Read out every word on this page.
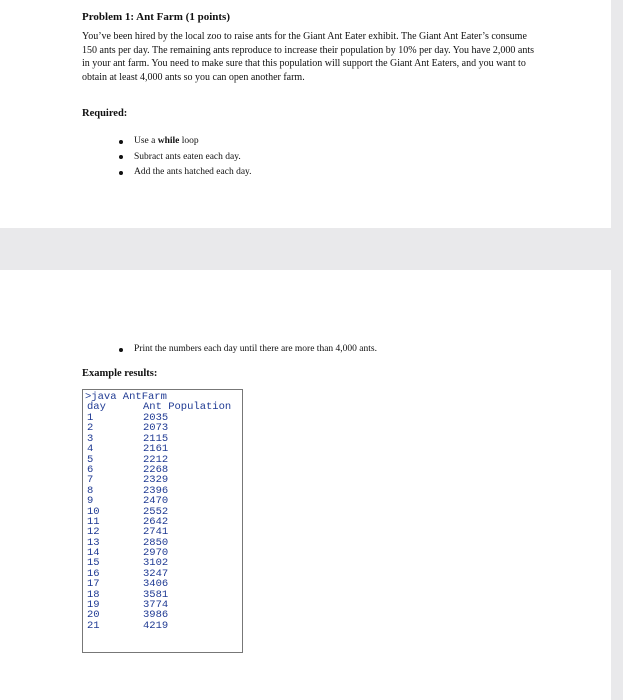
Problem 1: Ant Farm (1 points)
You’ve been hired by the local zoo to raise ants for the Giant Ant Eater exhibit. The Giant Ant Eater’s consume 150 ants per day. The remaining ants reproduce to increase their population by 10% per day. You have 2,000 ants in your ant farm. You need to make sure that this population will support the Giant Ant Eaters, and you want to obtain at least 4,000 ants so you can open another farm.
Required:
Use a while loop
Subract ants eaten each day.
Add the ants hatched each day.
Print the numbers each day until there are more than 4,000 ants.
Example results:
>java AntFarm
day	Ant Population
1	2035
2	2073
3	2115
4	2161
5	2212
6	2268
7	2329
8	2396
9	2470
10	2552
11	2642
12	2741
13	2850
14	2970
15	3102
16	3247
17	3406
18	3581
19	3774
20	3986
21	4219
